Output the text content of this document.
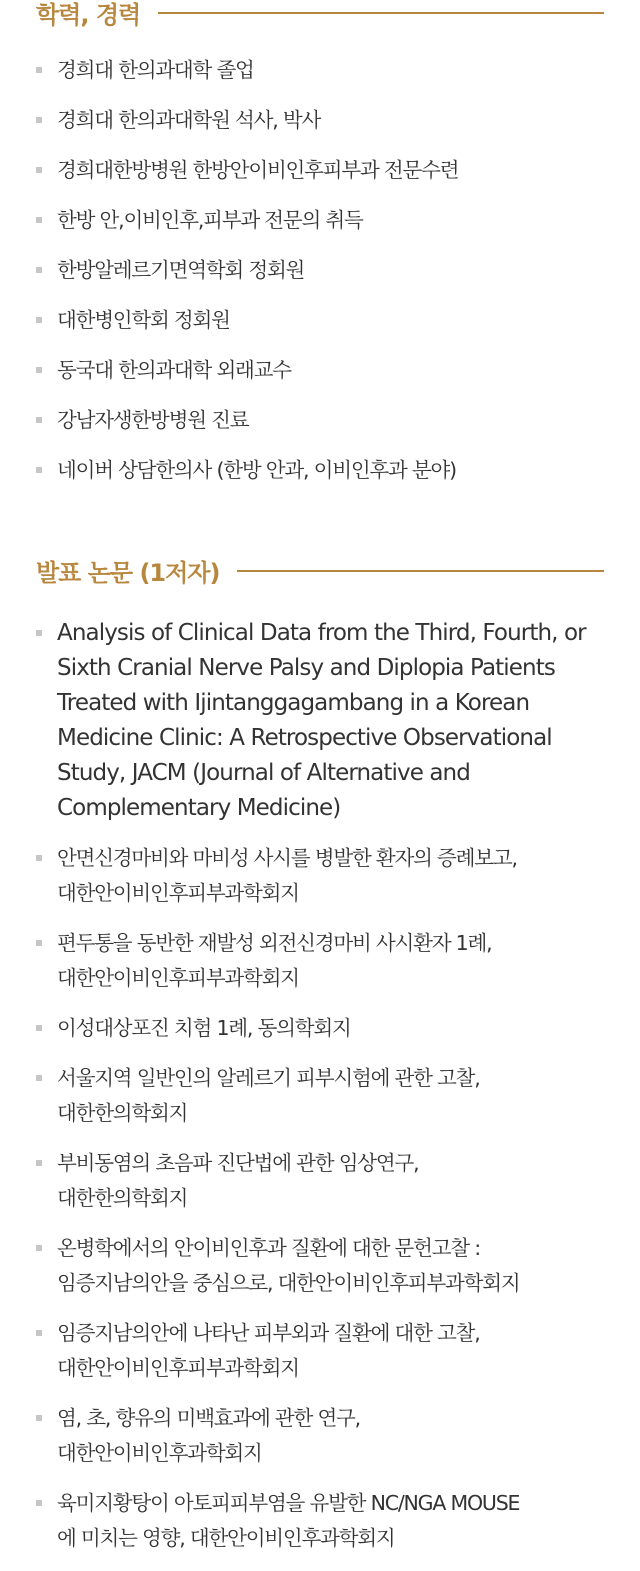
학력, 경력
경희대 한의과대학 졸업
경희대 한의과대학원 석사, 박사
경희대한방병원 한방안이비인후피부과 전문수련
한방 안,이비인후,피부과 전문의 취득
한방알레르기면역학회 정회원
대한병인학회 정회원
동국대 한의과대학 외래교수
강남자생한방병원 진료
네이버 상담한의사 (한방 안과, 이비인후과 분야)
발표 논문 (1저자)
Analysis of Clinical Data from the Third, Fourth, or
Sixth Cranial Nerve Palsy and Diplopia Patients
Treated with Ijintanggagambang in a Korean
Medicine Clinic: A Retrospective Observational
Study, JACM (Journal of Alternative and
Complementary Medicine)
안면신경마비와 마비성 사시를 병발한 환자의 증례보고,
대한안이비인후피부과학회지
편두통을 동반한 재발성 외전신경마비 사시환자 1례,
대한안이비인후피부과학회지
이성대상포진 치험 1례, 동의학회지
서울지역 일반인의 알레르기 피부시험에 관한 고찰,
대한한의학회지
부비동염의 초음파 진단법에 관한 임상연구,
대한한의학회지
온병학에서의 안이비인후과 질환에 대한 문헌고찰 :
임증지남의안을 중심으로, 대한안이비인후피부과학회지
임증지남의안에 나타난 피부외과 질환에 대한 고찰,
대한안이비인후피부과학회지
염, 초, 향유의 미백효과에 관한 연구,
대한안이비인후과학회지
육미지황탕이 아토피피부염을 유발한 NC/NGA MOUSE
에 미치는 영향, 대한안이비인후과학회지
